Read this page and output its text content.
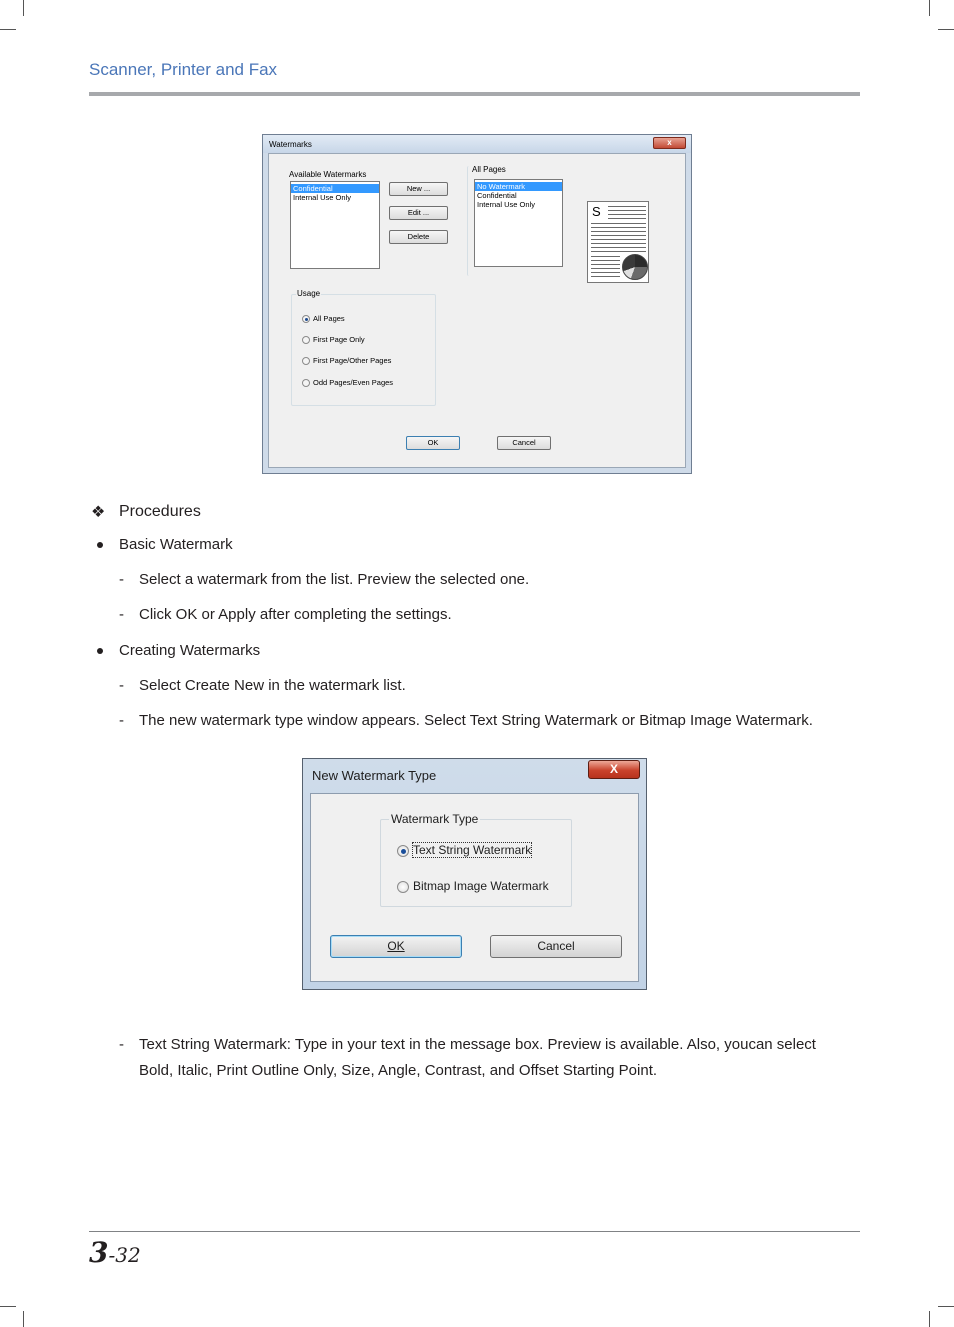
Scanner, Printer and Fax
Watermarks	x
Available Watermarks
Confidential
Internal Use Only
New ...
Edit ...
Delete
All Pages
No Watermark
Confidential
Internal Use Only	S
Usage
All Pages
First Page Only
First Page/Other Pages
Odd Pages/Even Pages
OK	Cancel
❖ Procedures
Basic Watermark
- Select a watermark from the list. Preview the selected one.
- Click OK or Apply after completing the settings.
Creating Watermarks
- Select Create New in the watermark list.
- The new watermark type window appears. Select Text String Watermark or Bitmap Image Watermark.
New Watermark Type	X
Watermark Type
Text String Watermark
Bitmap Image Watermark
OK	Cancel
- Text String Watermark: Type in your text in the message box. Preview is available. Also, youcan select
Bold, Italic, Print Outline Only, Size, Angle, Contrast, and Offset Starting Point.
3-32
